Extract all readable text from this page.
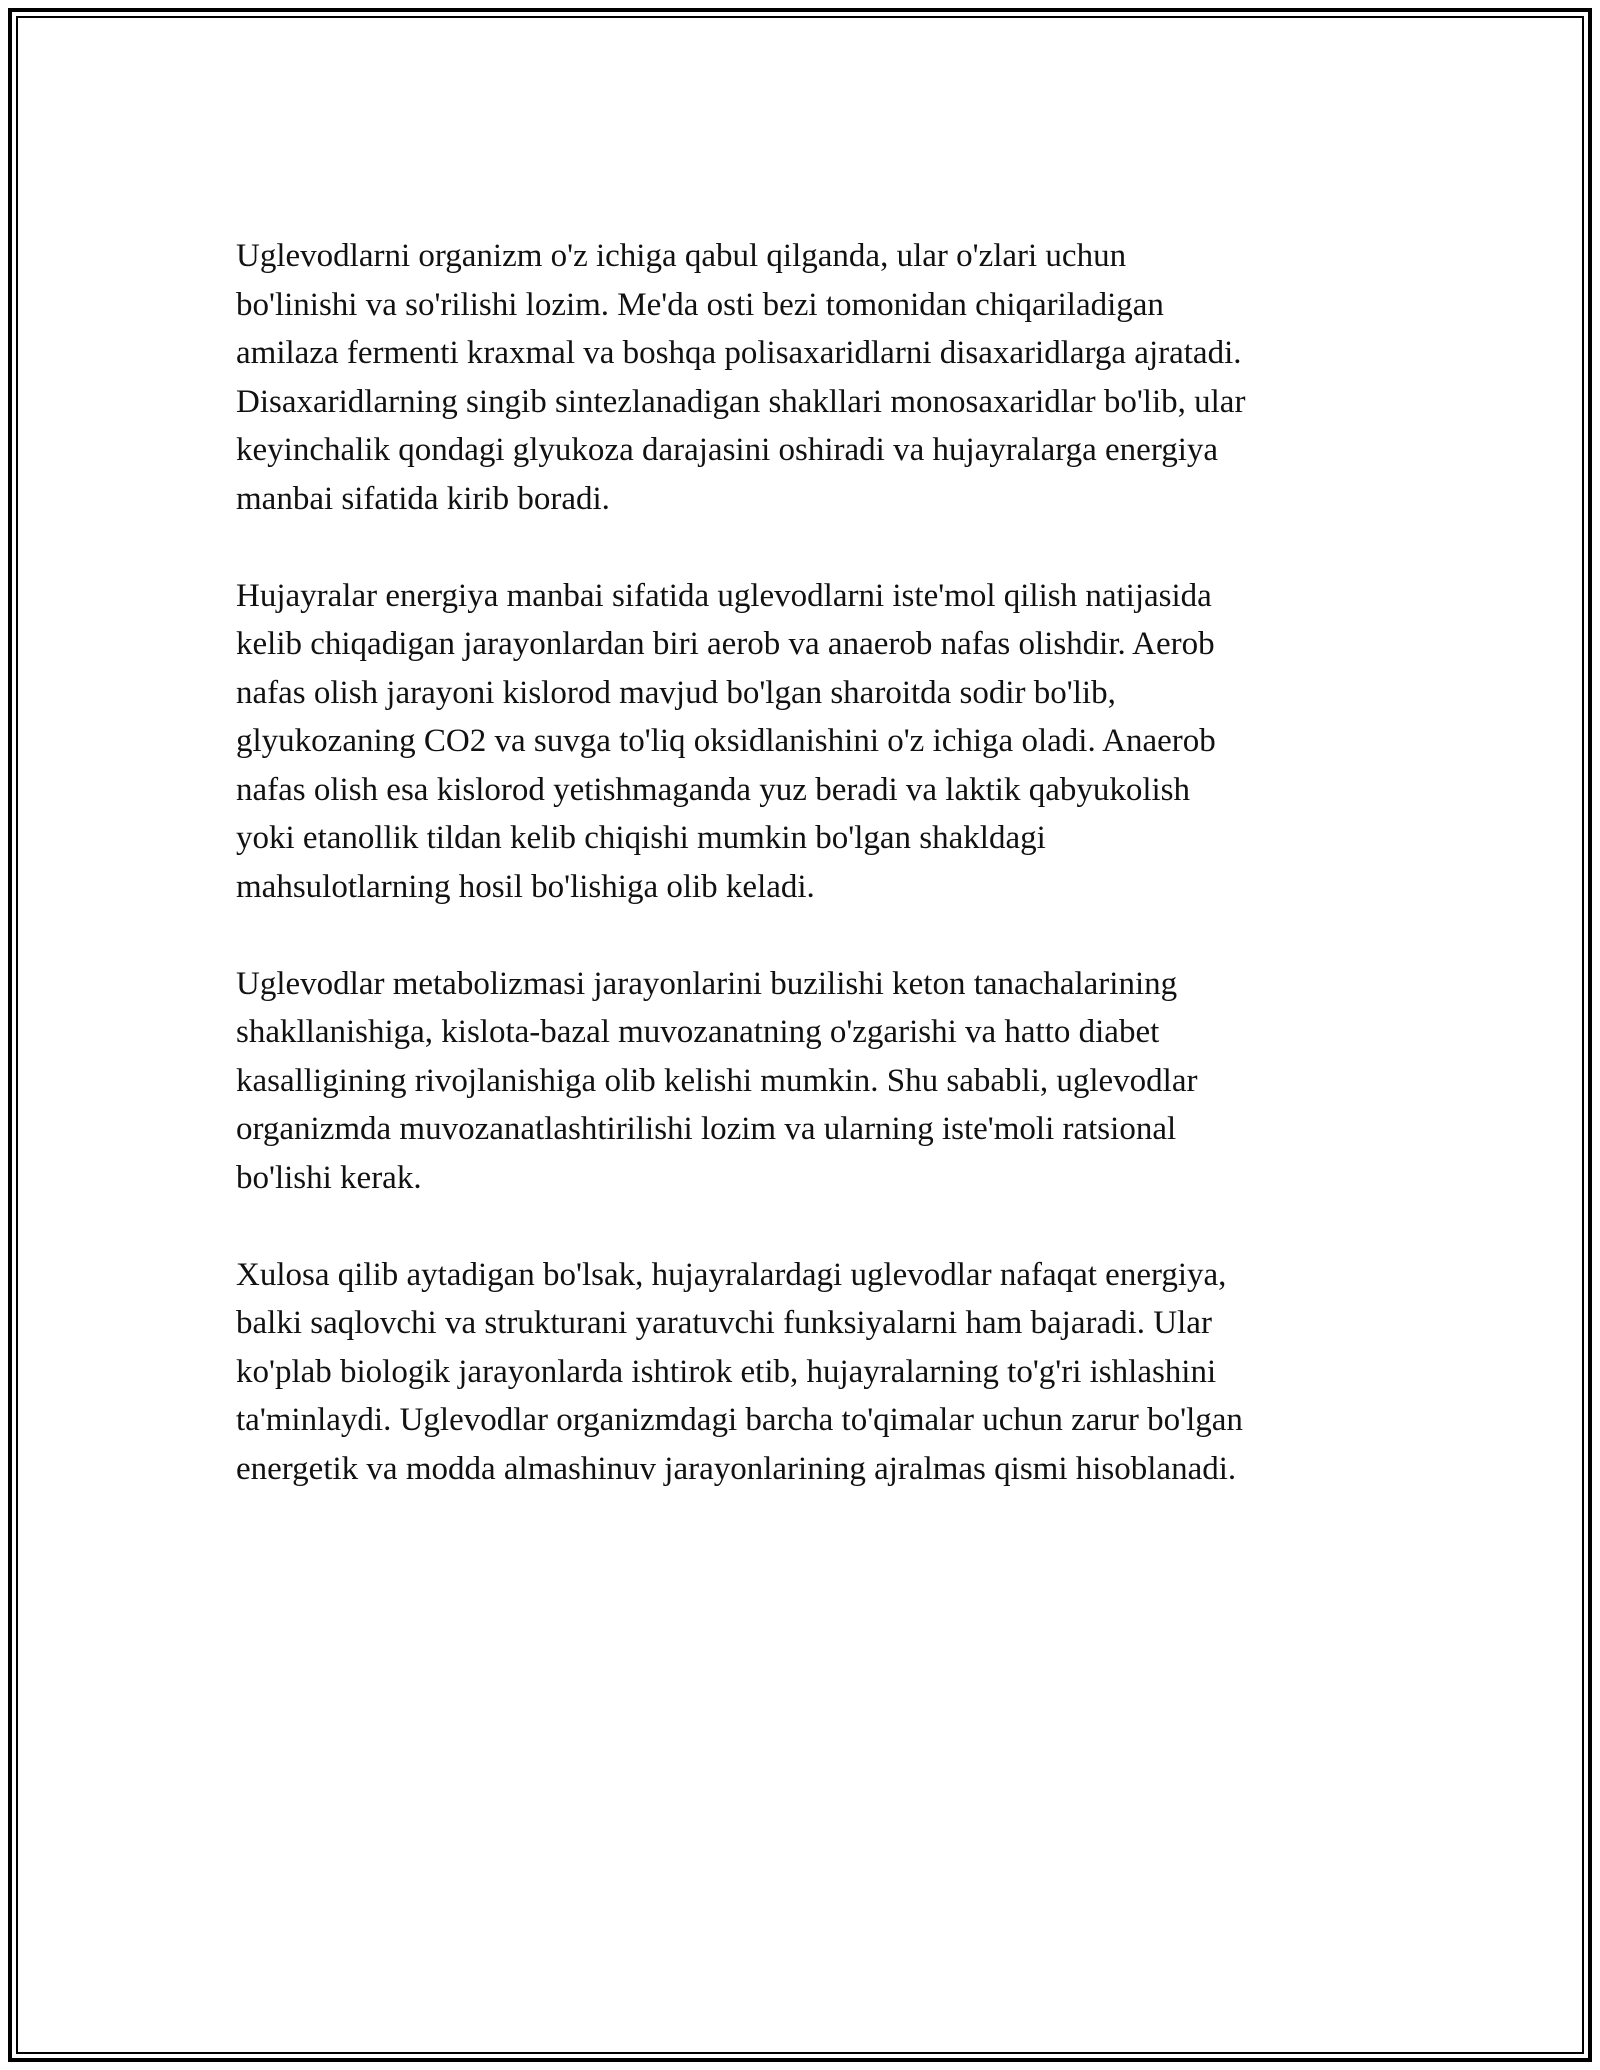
Uglevodlarni organizm o'z ichiga qabul qilganda, ular o'zlari uchun
bo'linishi va so'rilishi lozim. Me'da osti bezi tomonidan chiqariladigan
amilaza fermenti kraxmal va boshqa polisaxaridlarni disaxaridlarga ajratadi.
Disaxaridlarning singib sintezlanadigan shakllari monosaxaridlar bo'lib, ular
keyinchalik qondagi glyukoza darajasini oshiradi va hujayralarga energiya
manbai sifatida kirib boradi.

Hujayralar energiya manbai sifatida uglevodlarni iste'mol qilish natijasida
kelib chiqadigan jarayonlardan biri aerob va anaerob nafas olishdir. Aerob
nafas olish jarayoni kislorod mavjud bo'lgan sharoitda sodir bo'lib,
glyukozaning CO2 va suvga to'liq oksidlanishini o'z ichiga oladi. Anaerob
nafas olish esa kislorod yetishmaganda yuz beradi va laktik qabyukolish
yoki etanollik tildan kelib chiqishi mumkin bo'lgan shakldagi
mahsulotlarning hosil bo'lishiga olib keladi.

Uglevodlar metabolizmasi jarayonlarini buzilishi keton tanachalarining
shakllanishiga, kislota-bazal muvozanatning o'zgarishi va hatto diabet
kasalligining rivojlanishiga olib kelishi mumkin. Shu sababli, uglevodlar
organizmda muvozanatlashtirilishi lozim va ularning iste'moli ratsional
bo'lishi kerak.

Xulosa qilib aytadigan bo'lsak, hujayralardagi uglevodlar nafaqat energiya,
balki saqlovchi va strukturani yaratuvchi funksiyalarni ham bajaradi. Ular
ko'plab biologik jarayonlarda ishtirok etib, hujayralarning to'g'ri ishlashini
ta'minlaydi. Uglevodlar organizmdagi barcha to'qimalar uchun zarur bo'lgan
energetik va modda almashinuv jarayonlarining ajralmas qismi hisoblanadi.
